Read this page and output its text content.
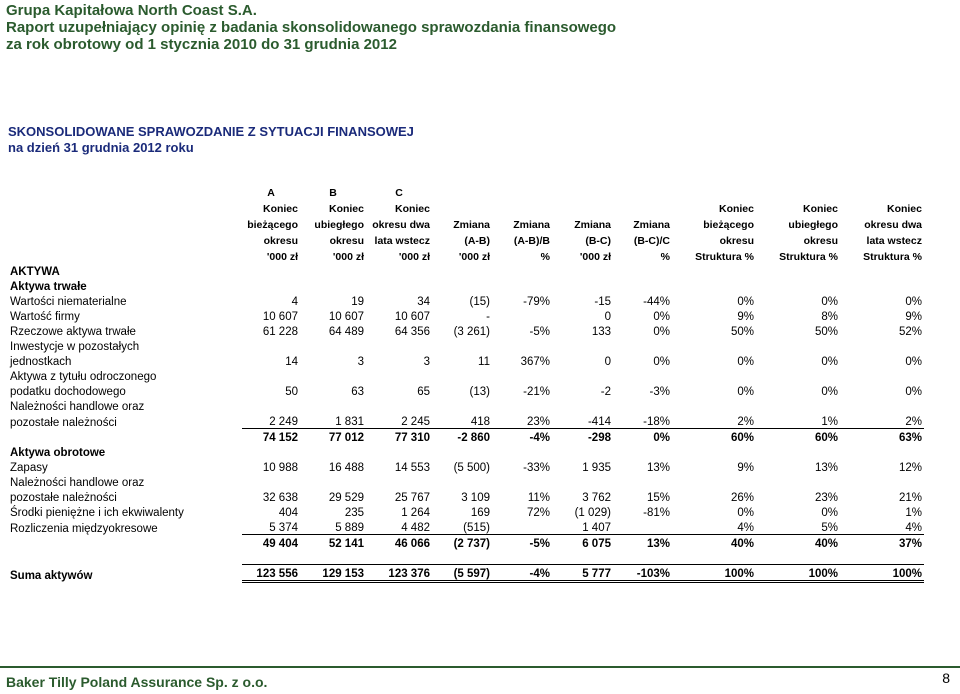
Grupa Kapitałowa North Coast S.A.
Raport uzupełniający opinię z badania skonsolidowanego sprawozdania finansowego
za rok obrotowy od 1 stycznia 2010 do 31 grudnia 2012
SKONSOLIDOWANE SPRAWOZDANIE Z SYTUACJI FINANSOWEJ
na dzień 31 grudnia 2012 roku
	A	B	C							
	Koniec	Koniec	Koniec					Koniec	Koniec	Koniec
	bieżącego	ubiegłego	okresu dwa	Zmiana	Zmiana	Zmiana	Zmiana	bieżącego	ubiegłego	okresu dwa
	okresu	okresu	lata wstecz	(A-B)	(A-B)/B	(B-C)	(B-C)/C	okresu	okresu	lata wstecz
	'000 zł	'000 zł	'000 zł	'000 zł	%	'000 zł	%	Struktura %	Struktura %	Struktura %
AKTYWA										
Aktywa trwałe										
Wartości niematerialne	4	19	34	(15)	-79%	-15	-44%	0%	0%	0%
Wartość firmy	10 607	10 607	10 607	-		0	0%	9%	8%	9%
Rzeczowe aktywa trwałe	61 228	64 489	64 356	(3 261)	-5%	133	0%	50%	50%	52%
Inwestycje w pozostałych										
jednostkach	14	3	3	11	367%	0	0%	0%	0%	0%
Aktywa z tytułu odroczonego										
podatku dochodowego	50	63	65	(13)	-21%	-2	-3%	0%	0%	0%
Należności handlowe oraz										
pozostałe należności	2 249	1 831	2 245	418	23%	-414	-18%	2%	1%	2%
	74 152	77 012	77 310	-2 860	-4%	-298	0%	60%	60%	63%
Aktywa obrotowe										
Zapasy	10 988	16 488	14 553	(5 500)	-33%	1 935	13%	9%	13%	12%
Należności handlowe oraz										
pozostałe należności	32 638	29 529	25 767	3 109	11%	3 762	15%	26%	23%	21%
Środki pieniężne i ich ekwiwalenty	404	235	1 264	169	72%	(1 029)	-81%	0%	0%	1%
Rozliczenia międzyokresowe	5 374	5 889	4 482	(515)		1 407		4%	5%	4%
	49 404	52 141	46 066	(2 737)	-5%	6 075	13%	40%	40%	37%

Suma aktywów	123 556	129 153	123 376	(5 597)	-4%	5 777	-103%	100%	100%	100%
Baker Tilly Poland Assurance Sp. z o.o.	8
